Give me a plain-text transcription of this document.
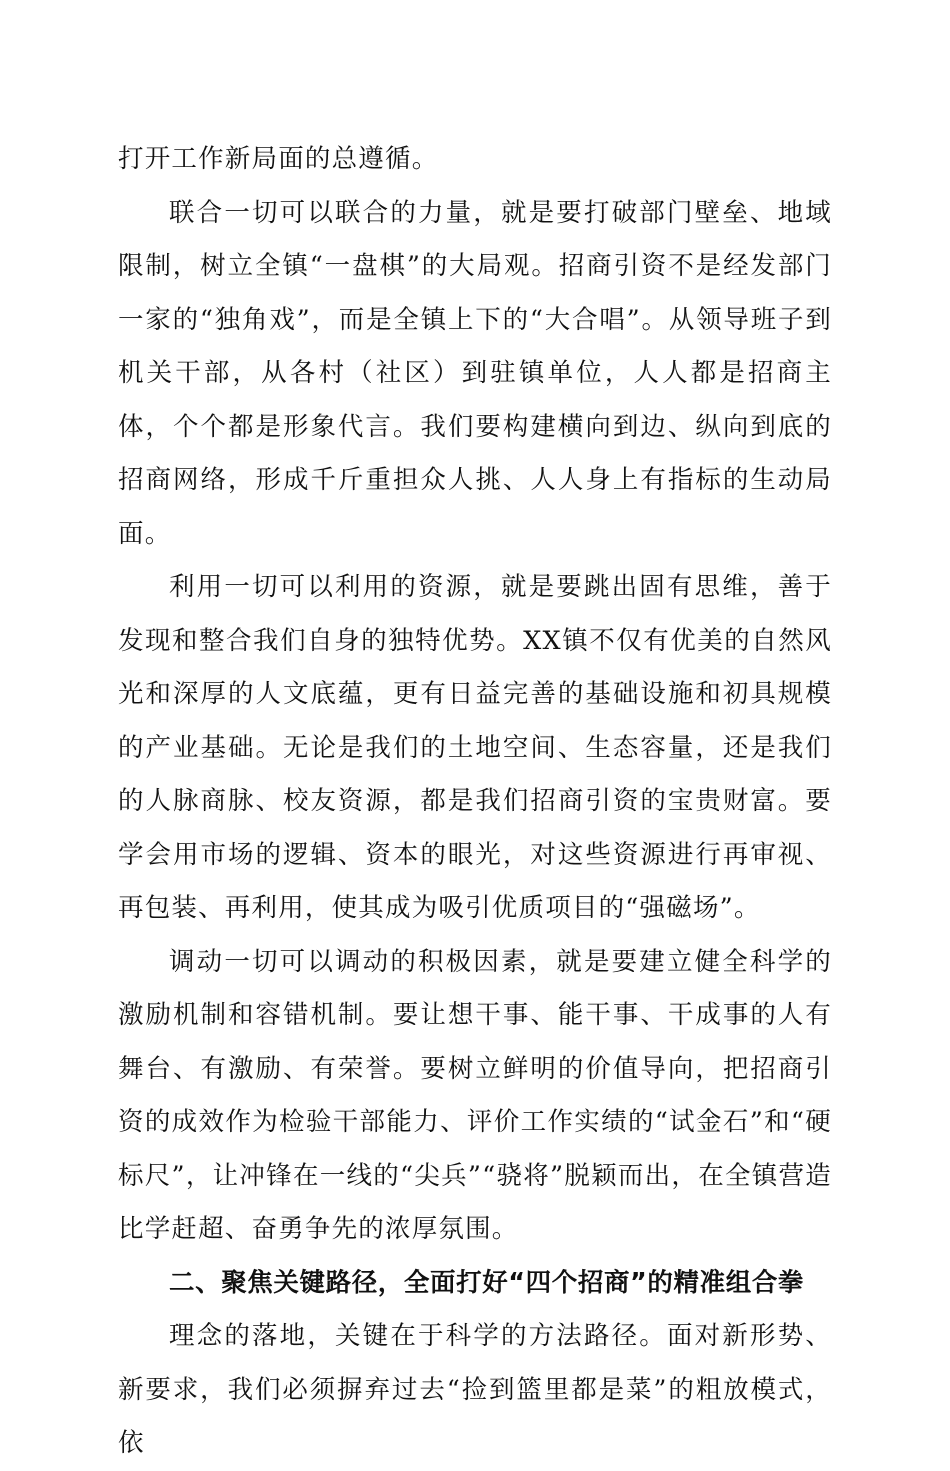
打开工作新局面的总遵循。

联合一切可以联合的力量，就是要打破部门壁垒、地域限制，树立全镇“一盘棋”的大局观。招商引资不是经发部门一家的“独角戏”，而是全镇上下的“大合唱”。从领导班子到机关干部，从各村（社区）到驻镇单位，人人都是招商主体，个个都是形象代言。我们要构建横向到边、纵向到底的招商网络，形成千斤重担众人挑、人人身上有指标的生动局面。

利用一切可以利用的资源，就是要跳出固有思维，善于发现和整合我们自身的独特优势。XX镇不仅有优美的自然风光和深厚的人文底蕴，更有日益完善的基础设施和初具规模的产业基础。无论是我们的土地空间、生态容量，还是我们的人脉商脉、校友资源，都是我们招商引资的宝贵财富。要学会用市场的逻辑、资本的眼光，对这些资源进行再审视、再包装、再利用，使其成为吸引优质项目的“强磁场”。

调动一切可以调动的积极因素，就是要建立健全科学的激励机制和容错机制。要让想干事、能干事、干成事的人有舞台、有激励、有荣誉。要树立鲜明的价值导向，把招商引资的成效作为检验干部能力、评价工作实绩的“试金石”和“硬标尺”，让冲锋在一线的“尖兵”“骁将”脱颖而出，在全镇营造比学赶超、奋勇争先的浓厚氛围。

二、聚焦关键路径，全面打好“四个招商”的精准组合拳

理念的落地，关键在于科学的方法路径。面对新形势、新要求，我们必须摒弃过去“捡到篮里都是菜”的粗放模式，依
